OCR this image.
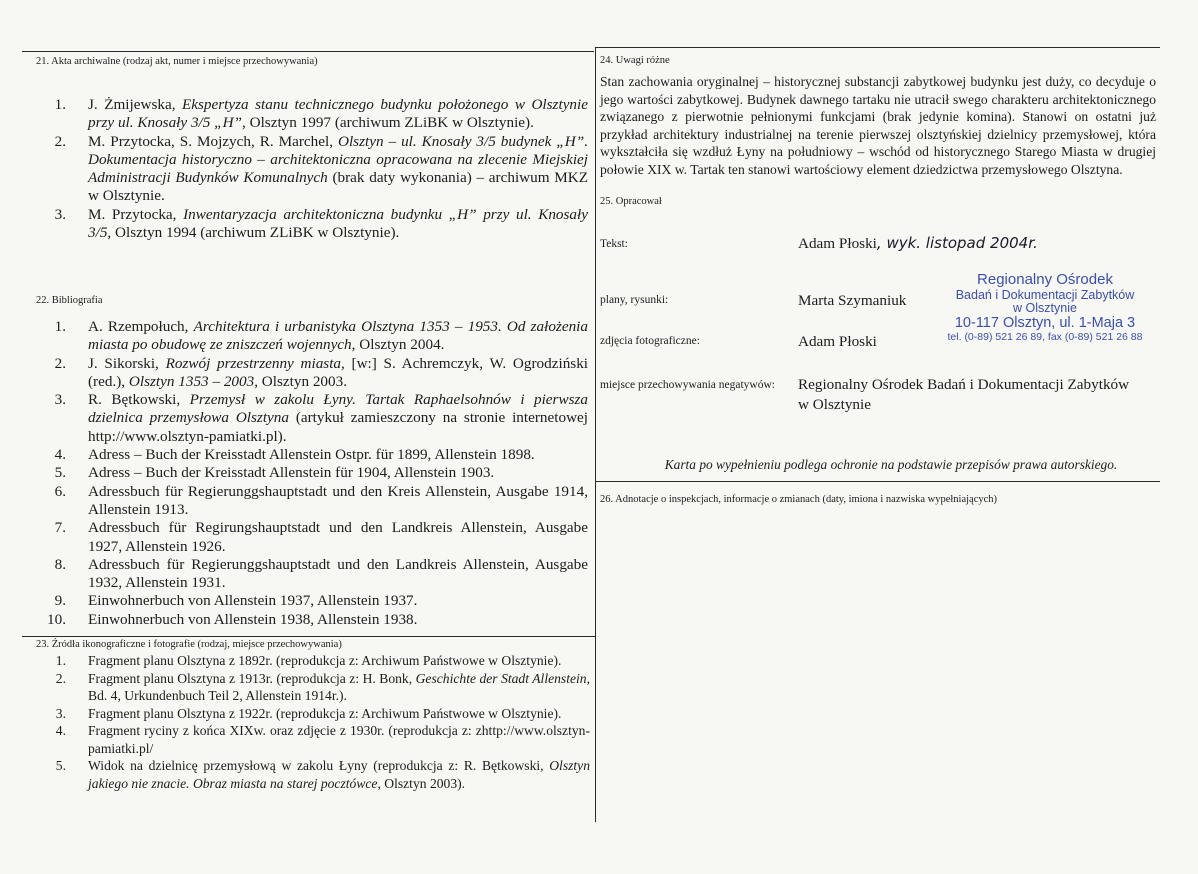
21. Akta archiwalne (rodzaj akt, numer i miejsce przechowywania)
1. J. Żmijewska, Ekspertyza stanu technicznego budynku położonego w Olsztynie przy ul. Knosały 3/5 „H”, Olsztyn 1997 (archiwum ZLiBK w Olsztynie).
2. M. Przytocka, S. Mojzych, R. Marchel, Olsztyn – ul. Knosały 3/5 budynek „H”. Dokumentacja historyczno – architektoniczna opracowana na zlecenie Miejskiej Administracji Budynków Komunalnych (brak daty wykonania) – archiwum MKZ w Olsztynie.
3. M. Przytocka, Inwentaryzacja architektoniczna budynku „H” przy ul. Knosały 3/5, Olsztyn 1994 (archiwum ZLiBK w Olsztynie).
22. Bibliografia
1. A. Rzempołuch, Architektura i urbanistyka Olsztyna 1353 – 1953. Od założenia miasta po obudowę ze zniszczeń wojennych, Olsztyn 2004.
2. J. Sikorski, Rozwój przestrzenny miasta, [w:] S. Achremczyk, W. Ogrodziński (red.), Olsztyn 1353 – 2003, Olsztyn 2003.
3. R. Bętkowski, Przemysł w zakolu Łyny. Tartak Raphaelsohnów i pierwsza dzielnica przemysłowa Olsztyna (artykuł zamieszczony na stronie internetowej http://www.olsztyn-pamiatki.pl).
4. Adress – Buch der Kreisstadt Allenstein Ostpr. für 1899, Allenstein 1898.
5. Adress – Buch der Kreisstadt Allenstein für 1904, Allenstein 1903.
6. Adressbuch für Regierunggshauptstadt und den Kreis Allenstein, Ausgabe 1914, Allenstein 1913.
7. Adressbuch für Regirungshauptstadt und den Landkreis Allenstein, Ausgabe 1927, Allenstein 1926.
8. Adressbuch für Regierunggshauptstadt und den Landkreis Allenstein, Ausgabe 1932, Allenstein 1931.
9. Einwohnerbuch von Allenstein 1937, Allenstein 1937.
10. Einwohnerbuch von Allenstein 1938, Allenstein 1938.
23. Źródła ikonograficzne i fotografie (rodzaj, miejsce przechowywania)
1. Fragment planu Olsztyna z 1892r. (reprodukcja z: Archiwum Państwowe w Olsztynie).
2. Fragment planu Olsztyna z 1913r. (reprodukcja z: H. Bonk, Geschichte der Stadt Allenstein, Bd. 4, Urkundenbuch Teil 2, Allenstein 1914r.).
3. Fragment planu Olsztyna z 1922r. (reprodukcja z: Archiwum Państwowe w Olsztynie).
4. Fragment ryciny z końca XIXw. oraz zdjęcie z 1930r. (reprodukcja z: zhttp://www.olsztyn-pamiatki.pl/
5. Widok na dzielnicę przemysłową w zakolu Łyny (reprodukcja z: R. Bętkowski, Olsztyn jakiego nie znacie. Obraz miasta na starej pocztówce, Olsztyn 2003).
24. Uwagi różne
Stan zachowania oryginalnej – historycznej substancji zabytkowej budynku jest duży, co decyduje o jego wartości zabytkowej. Budynek dawnego tartaku nie utracił swego charakteru architektonicznego związanego z pierwotnie pełnionymi funkcjami (brak jedynie komina). Stanowi on ostatni już przykład architektury industrialnej na terenie pierwszej olsztyńskiej dzielnicy przemysłowej, która wykształciła się wzdłuż Łyny na południowy – wschód od historycznego Starego Miasta w drugiej połowie XIX w. Tartak ten stanowi wartościowy element dziedzictwa przemysłowego Olsztyna.
25. Opracował
Tekst:	Adam Płoski, wyk. listopad 2004r.
plany, rysunki:	Marta Szymaniuk
zdjęcia fotograficzne:	Adam Płoski
miejsce przechowywania negatywów: Regionalny Ośrodek Badań i Dokumentacji Zabytków
w Olsztynie
Regionalny Ośrodek
Badań i Dokumentacji Zabytków
w Olsztynie
10-117 Olsztyn, ul. 1-Maja 3
tel. (0-89) 521 26 89, fax (0-89) 521 26 88
Karta po wypełnieniu podlega ochronie na podstawie przepisów prawa autorskiego.
26. Adnotacje o inspekcjach, informacje o zmianach (daty, imiona i nazwiska wypełniających)
